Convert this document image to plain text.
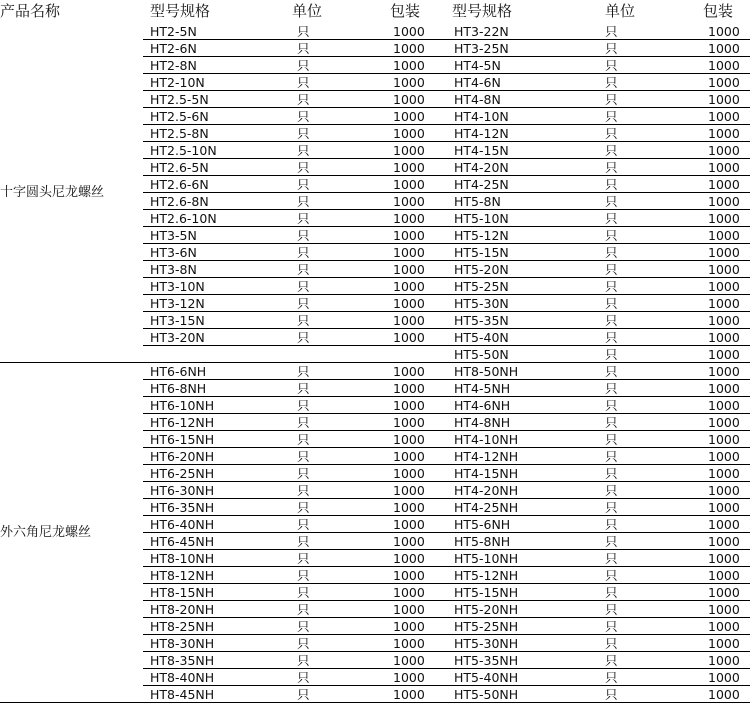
产品名称	型号规格	单位	包装 型号规格	单位	包装
十字圆头尼龙螺丝
HT2-5N	只	1000 HT3-22N	只	1000
HT2-6N	只	1000 HT3-25N	只	1000
HT2-8N	只	1000 HT4-5N	只	1000
HT2-10N	只	1000 HT4-6N	只	1000
HT2.5-5N	只	1000 HT4-8N	只	1000
HT2.5-6N	只	1000 HT4-10N	只	1000
HT2.5-8N	只	1000 HT4-12N	只	1000
HT2.5-10N	只	1000 HT4-15N	只	1000
HT2.6-5N	只	1000 HT4-20N	只	1000
HT2.6-6N	只	1000 HT4-25N	只	1000
HT2.6-8N	只	1000 HT5-8N	只	1000
HT2.6-10N	只	1000 HT5-10N	只	1000
HT3-5N	只	1000 HT5-12N	只	1000
HT3-6N	只	1000 HT5-15N	只	1000
HT3-8N	只	1000 HT5-20N	只	1000
HT3-10N	只	1000 HT5-25N	只	1000
HT3-12N	只	1000 HT5-30N	只	1000
HT3-15N	只	1000 HT5-35N	只	1000
HT3-20N	只	1000 HT5-40N	只	1000
HT5-50N	只	1000
外六角尼龙螺丝
HT6-6NH	只	1000 HT8-50NH	只	1000
HT6-8NH	只	1000 HT4-5NH	只	1000
HT6-10NH	只	1000 HT4-6NH	只	1000
HT6-12NH	只	1000 HT4-8NH	只	1000
HT6-15NH	只	1000 HT4-10NH	只	1000
HT6-20NH	只	1000 HT4-12NH	只	1000
HT6-25NH	只	1000 HT4-15NH	只	1000
HT6-30NH	只	1000 HT4-20NH	只	1000
HT6-35NH	只	1000 HT4-25NH	只	1000
HT6-40NH	只	1000 HT5-6NH	只	1000
HT6-45NH	只	1000 HT5-8NH	只	1000
HT8-10NH	只	1000 HT5-10NH	只	1000
HT8-12NH	只	1000 HT5-12NH	只	1000
HT8-15NH	只	1000 HT5-15NH	只	1000
HT8-20NH	只	1000 HT5-20NH	只	1000
HT8-25NH	只	1000 HT5-25NH	只	1000
HT8-30NH	只	1000 HT5-30NH	只	1000
HT8-35NH	只	1000 HT5-35NH	只	1000
HT8-40NH	只	1000 HT5-40NH	只	1000
HT8-45NH	只	1000 HT5-50NH	只	1000
